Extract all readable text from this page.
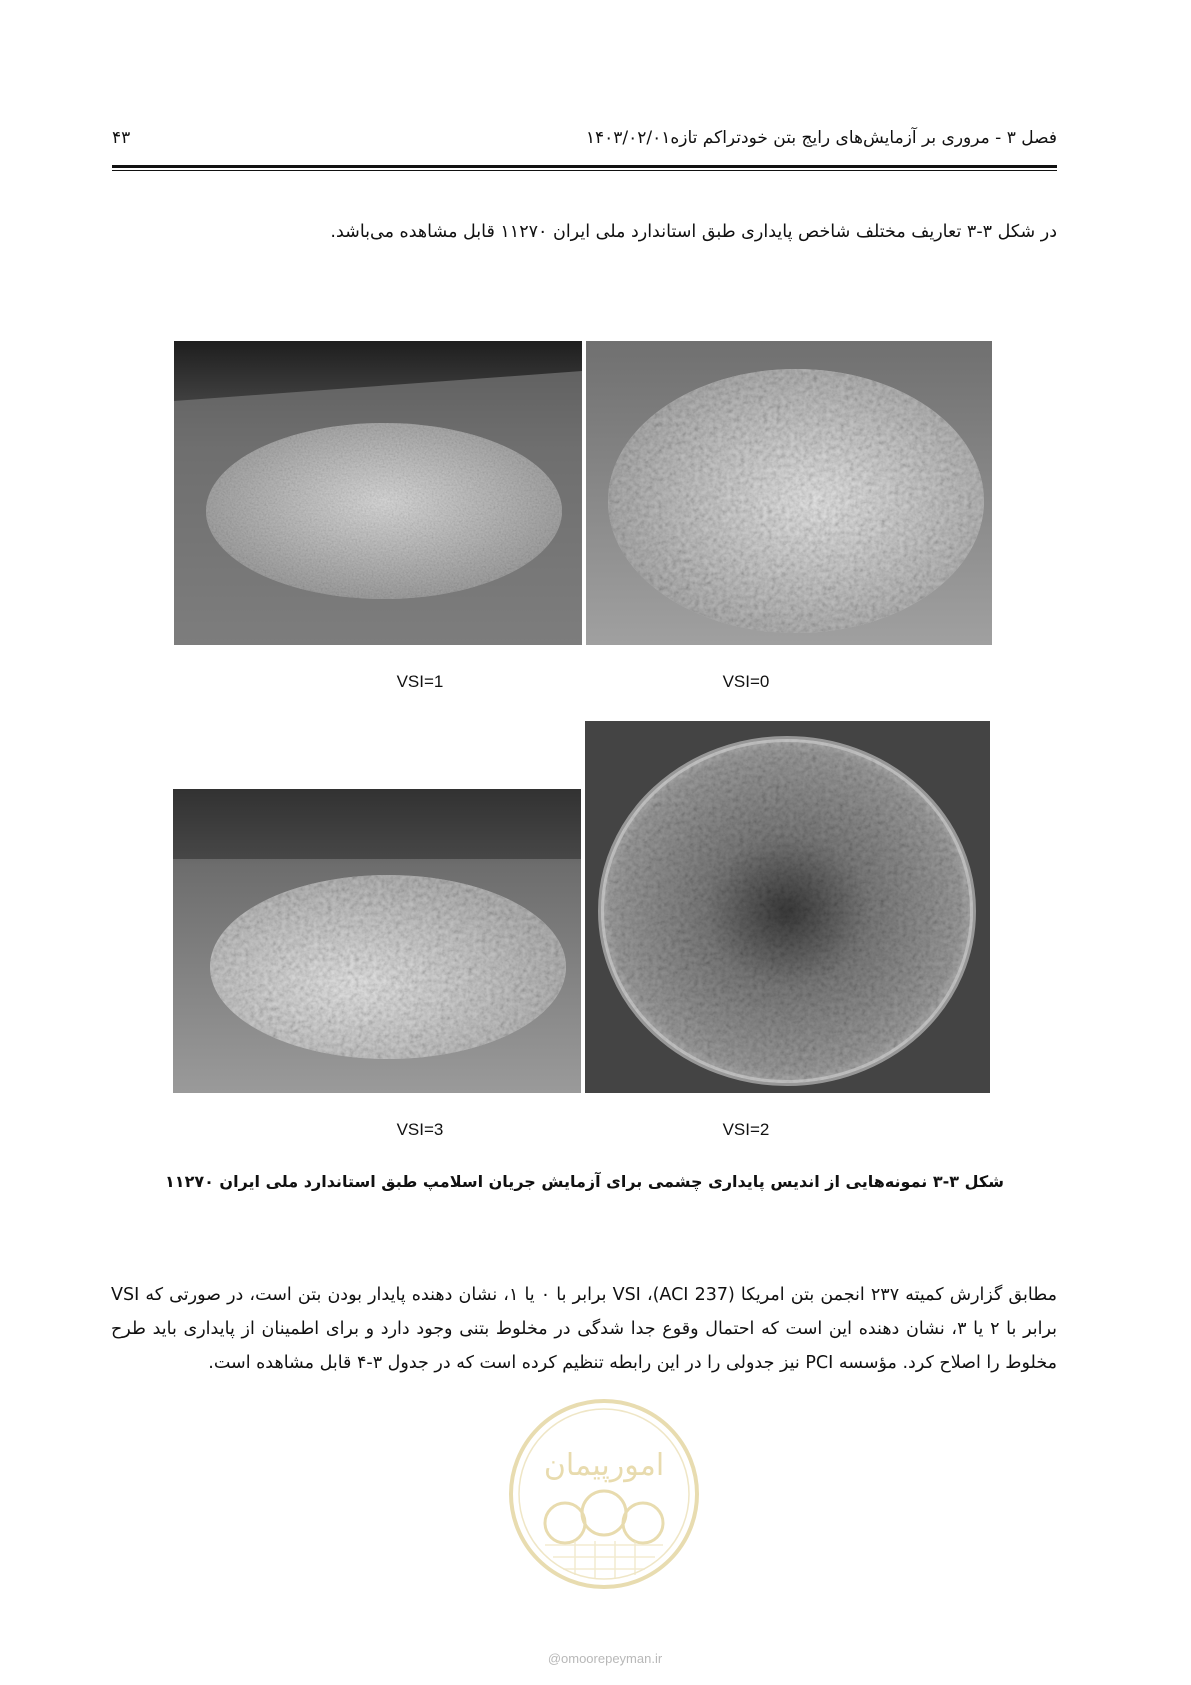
فصل ۳ - مروری بر آزمایش‌های رایج بتن خودتراکم تازه۱۴۰۳/۰۲/۰۱
۴۳
در شکل ۳-۳ تعاریف مختلف شاخص پایداری طبق استاندارد ملی ایران ۱۱۲۷۰ قابل مشاهده می‌باشد.
VSI=1	VSI=0
VSI=3	VSI=2
شکل ۳-۳ نمونه‌هایی از اندیس پایداری چشمی برای آزمایش جریان اسلامپ طبق استاندارد ملی ایران ۱۱۲۷۰

مطابق گزارش کمیته ۲۳۷ انجمن بتن امریکا (ACI 237)، VSI برابر با ۰ یا ۱، نشان دهنده پایدار بودن بتن است، در صورتی که VSI برابر با ۲ یا ۳، نشان دهنده این است که احتمال وقوع جدا شدگی در مخلوط بتنی وجود دارد و برای اطمینان از پایداری باید طرح مخلوط را اصلاح کرد. مؤسسه PCI نیز جدولی را در این رابطه تنظیم کرده است که در جدول ۳-۴ قابل مشاهده است.

امورپیمان
@omoorepeyman.ir
